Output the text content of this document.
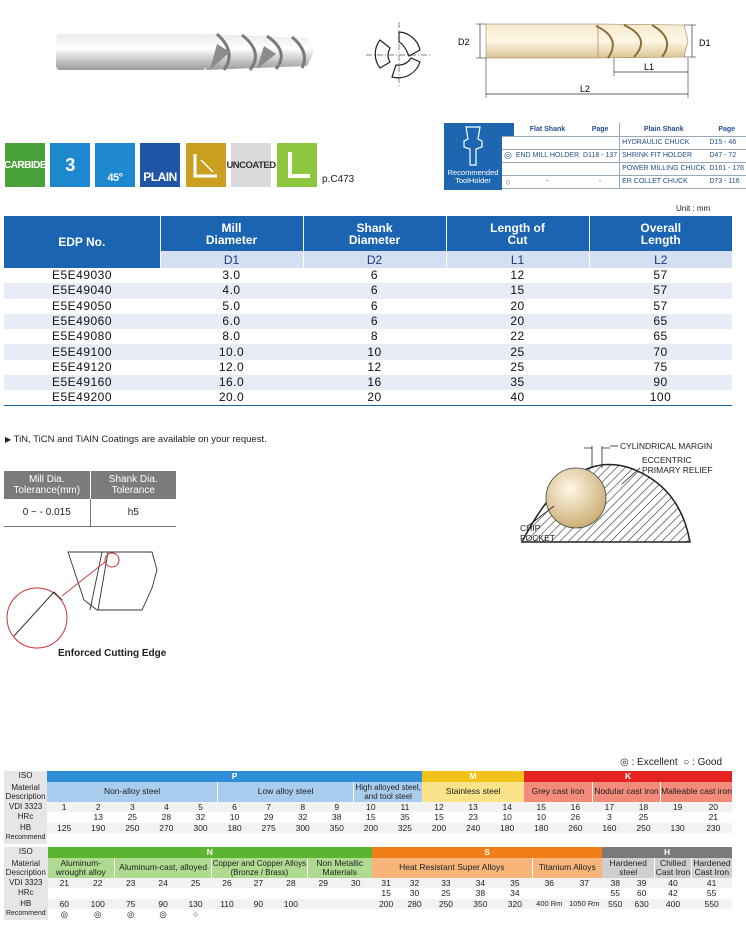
D2	D1
L1
L2
CARBIDE	3
45° PLAIN
UNCOATED
p.C473
Recommended ToolHolder
	Flat Shank	Page	Plain Shank	Page
			HYDRAULIC CHUCK	D15 - 46
◎	END MILL HOLDER	D118 - 137	SHRINK FIT HOLDER	D47 - 72
			POWER MILLING CHUCK	D161 - 176
○	-	-	ER COLLET CHUCK	D73 - 116
Unit : mm
EDP No.	Mill Diameter	Shank Diameter	Length of Cut	Overall Length
	D1	D2	L1	L2
E5E49030	3.0	6	12	57
E5E49040	4.0	6	15	57
E5E49050	5.0	6	20	57
E5E49060	6.0	6	20	65
E5E49080	8.0	8	22	65
E5E49100	10.0	10	25	70
E5E49120	12.0	12	25	75
E5E49160	16.0	16	35	90
E5E49200	20.0	20	40	100
▶ TiN, TiCN and TiAIN Coatings are available on your request.
Mill Dia. Tolerance(mm)	Shank Dia. Tolerance
0 ~ - 0.015	h5
Enforced Cutting Edge
CYLINDRICAL MARGIN
ECCENTRIC PRIMARY RELIEF
CHIP POCKET
◎ : Excellent ○ : Good
ISO	P											M			K					
Material Description	Non-alloy steel					Low alloy steel				High alloyed steel, and tool steel		Stainless steel			Grey cast iron		Nodular cast iron		Malleable cast iron	
VDI 3323	1	2	3	4	5	6	7	8	9	10	11	12	13	14	15	16	17	18	19	20
HRc		13	25	28	32	10	29	32	38	15	35	15	23	10	10	26	3	25		21
HB	125	190	250	270	300	180	275	300	350	200	325	200	240	180	180	260	160	250	130	230
Recommend																				
ISO	N										S							H			
Material Description	Aluminum-wrought alloy		Aluminum-cast, alloyed			Copper and Copper Alloys (Bronze / Brass)			Non Metallic Materials		Heat Resistant Super Alloys					Titanium Alloys		Hardened steel		Chilled Cast Iron	Hardened Cast Iron
VDI 3323	21	22	23	24	25	26	27	28	29	30	31	32	33	34	35	36	37	38	39	40	41
HRc											15	30	25	38	34			55	60	42	55
HB	60	100	75	90	130	110	90	100			200	280	250	350	320	400 Rm	1050 Rm	550	630	400	550
Recommend	◎	◎	◎	◎	○																
